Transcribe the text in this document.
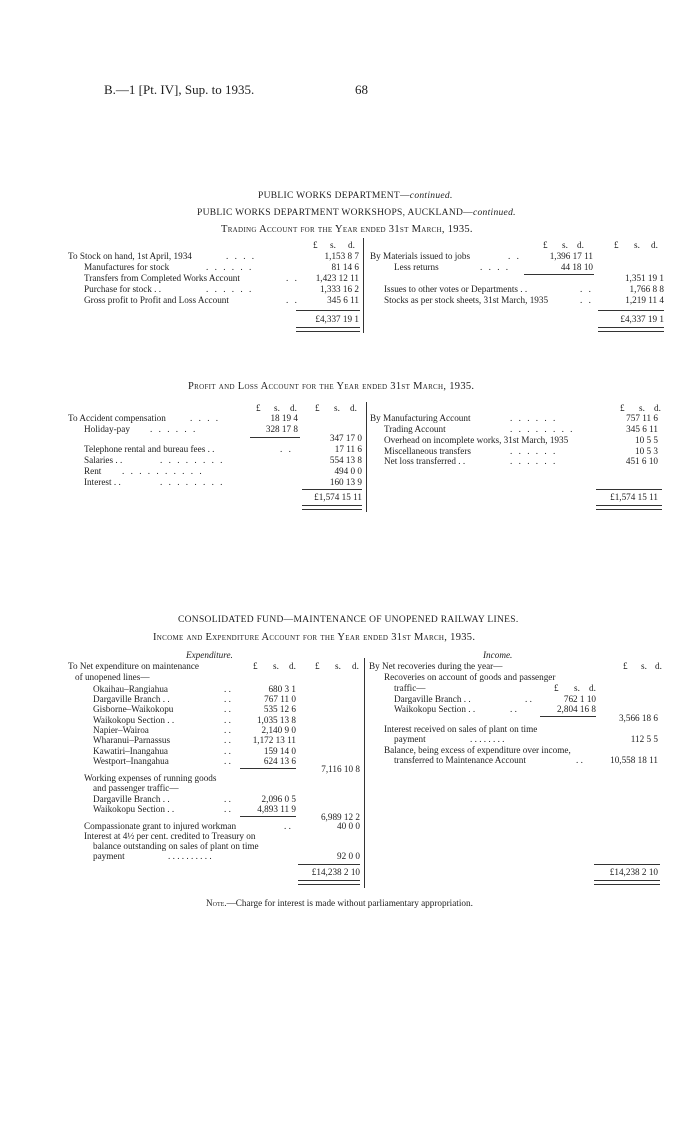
B.—1 [Pt. IV], Sup. to 1935.	68
PUBLIC WORKS DEPARTMENT—continued.
PUBLIC WORKS DEPARTMENT WORKSHOPS, AUCKLAND—continued.
Trading Account for the Year ended 31st March, 1935.
£ s. d.	£ s. d.	£ s. d.
To Stock on hand, 1st April, 1934	. . . .	1,153 8 7
Manufactures for stock	. . . . . .	81 14 6
Transfers from Completed Works Account	. . 1,423 12 11
Purchase for stock . .	. . . . . .	1,333 16 2
Gross profit to Profit and Loss Account	. .	345 6 11
£4,337 19 1
By Materials issued to jobs	. .	1,396 17 11
Less returns	. . . .	44 18 10
1,351 19 1
Issues to other votes or Departments . .	. .	1,766 8 8
Stocks as per stock sheets, 31st March, 1935	. .	1,219 11 4
£4,337 19 1
Profit and Loss Account for the Year ended 31st March, 1935.
£ s. d. £ s. d.	£ s. d.
To Accident compensation	. . . .	18 19 4
Holiday-pay . . . . . .	328 17 8
347 17 0
Telephone rental and bureau fees . .	. .	17 11 6
Salaries . .	. . . . . . . .	554 13 8
Rent . . . . . . . . . .	494 0 0
Interest . .	. . . . . . . .	160 13 9
£1,574 15 11
By Manufacturing Account	. . . . . .	757 11 6
Trading Account	. . . . . . . .	345 6 11
Overhead on incomplete works, 31st March, 1935	10 5 5
Miscellaneous transfers	. . . . . .	10 5 3
Net loss transferred . .	. . . . . .	451 6 10
£1,574 15 11
CONSOLIDATED FUND—MAINTENANCE OF UNOPENED RAILWAY LINES.
Income and Expenditure Account for the Year ended 31st March, 1935.
Expenditure.	Income.
To Net expenditure on maintenance	£ s. d. £ s. d.
of unopened lines—
Okaihau–Rangiahua	. .	680 3 1
Dargaville Branch . .	. .	767 11 0
Gisborne–Waikokopu	. .	535 12 6
Waikokopu Section . .	. .	1,035 13 8
Napier–Wairoa	. .	2,140 9 0
Wharanui–Parnassus	. . 1,172 13 11
Kawatiri–Inangahua	. .	159 14 0
Westport–Inangahua	. .	624 13 6
7,116 10 8
Working expenses of running goods
and passenger traffic—
Dargaville Branch . .	. .	2,096 0 5
Waikokopu Section . .	. .	4,893 11 9
6,989 12 2
Compassionate grant to injured workman	. .	40 0 0
Interest at 4½ per cent. credited to Treasury on
balance outstanding on sales of plant on time
payment	. . . . . . . . . .	92 0 0
£14,238 2 10
By Net recoveries during the year—	£ s. d.
Recoveries on account of goods and passenger
traffic—	£ s. d.
Dargaville Branch . .	. .	762 1 10
Waikokopu Section . .	. .	2,804 16 8
3,566 18 6
Interest received on sales of plant on time
payment	. . . . . . . .	112 5 5
Balance, being excess of expenditure over income,
transferred to Maintenance Account	. .	10,558 18 11
£14,238 2 10
Note.—Charge for interest is made without parliamentary appropriation.
